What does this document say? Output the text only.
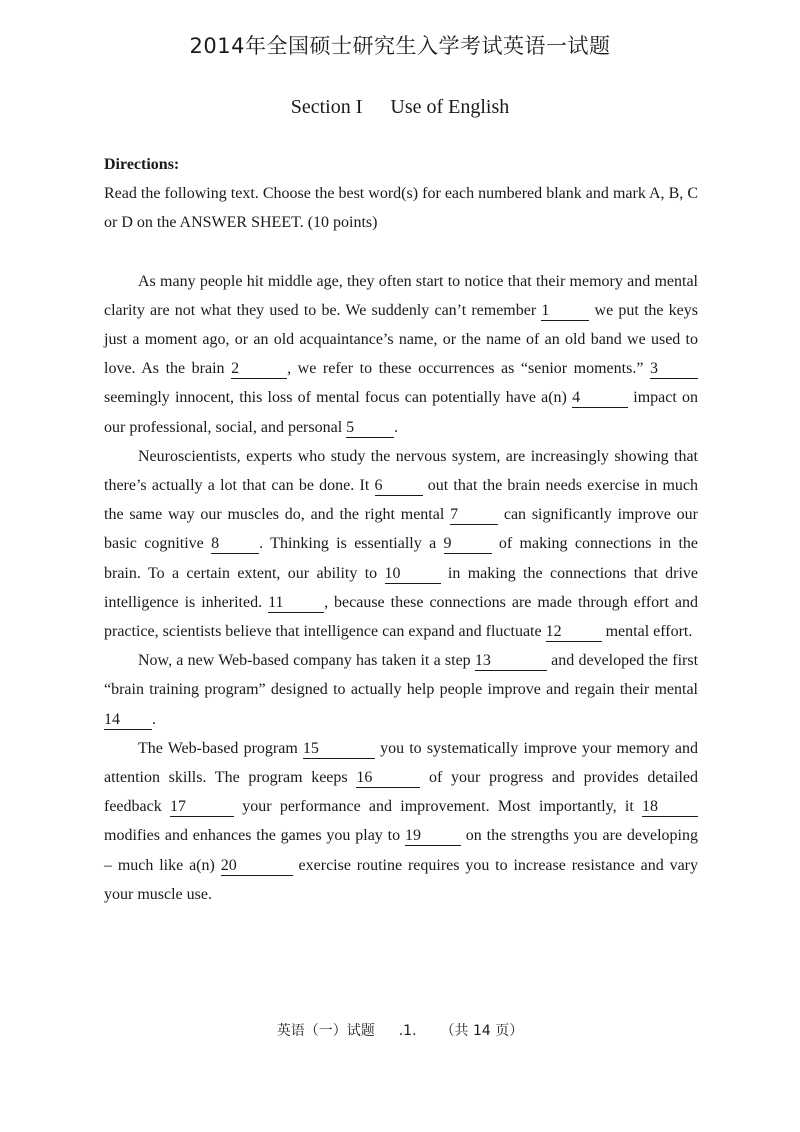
2014年全国硕士研究生入学考试英语一试题
Section I Use of English
Directions:

Read the following text. Choose the best word(s) for each numbered blank and mark A, B, C or D on the ANSWER SHEET. (10 points)

As many people hit middle age, they often start to notice that their memory and mental clarity are not what they used to be. We suddenly can’t remember 1	we put the keys just a moment ago, or an old acquaintance’s name, or the name of an old band we used to love. As the brain 2	, we refer to these occurrences as “senior moments.” 3 seemingly innocent, this loss of mental focus can potentially have a(n) 4	impact on our professional, social, and personal 5	.

Neuroscientists, experts who study the nervous system, are increasingly showing that there’s actually a lot that can be done. It 6	out that the brain needs exercise in much the same way our muscles do, and the right mental 7	can significantly improve our basic cognitive 8	. Thinking is essentially a 9	of making connections in the brain. To a certain extent, our ability to 10	in making the connections that drive intelligence is inherited. 11	, because these connections are made through effort and practice, scientists believe that intelligence can expand and fluctuate 12	mental effort.

Now, a new Web-based company has taken it a step 13	and developed the first “brain training program” designed to actually help people improve and regain their mental 14 .

The Web-based program 15	you to systematically improve your memory and attention skills. The program keeps 16	of your progress and provides detailed feedback 17	your performance and improvement. Most importantly, it 18 modifies and enhances the games you play to 19	on the strengths you are developing – much like a(n) 20	exercise routine requires you to increase resistance and vary your muscle use.

英语（一）试题 .1. （共 14 页）
